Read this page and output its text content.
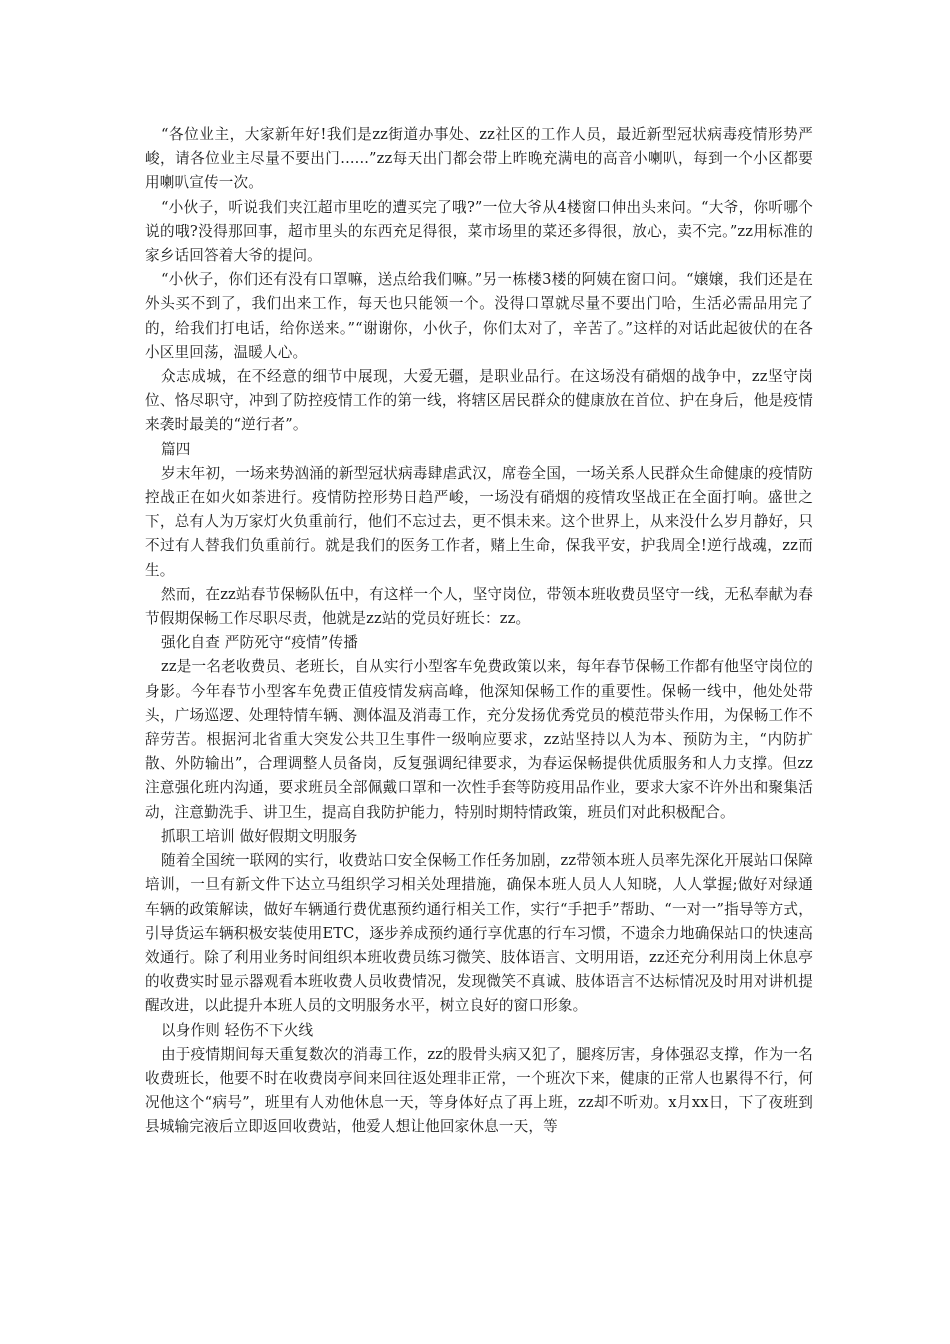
“各位业主，大家新年好!我们是zz街道办事处、zz社区的工作人员，最近新型冠状病毒疫情形势严峻，请各位业主尽量不要出门......”zz每天出门都会带上昨晚充满电的高音小喇叭，每到一个小区都要用喇叭宣传一次。

“小伙子，听说我们夹江超市里吃的遭买完了哦?”一位大爷从4楼窗口伸出头来问。“大爷，你听哪个说的哦?没得那回事，超市里头的东西充足得很，菜市场里的菜还多得很，放心，卖不完。”zz用标准的家乡话回答着大爷的提问。

“小伙子，你们还有没有口罩嘛，送点给我们嘛。”另一栋楼3楼的阿姨在窗口问。“嬢嬢，我们还是在外头买不到了，我们出来工作，每天也只能领一个。没得口罩就尽量不要出门哈，生活必需品用完了的，给我们打电话，给你送来。”“谢谢你，小伙子，你们太对了，辛苦了。”这样的对话此起彼伏的在各小区里回荡，温暖人心。

众志成城，在不经意的细节中展现，大爱无疆，是职业品行。在这场没有硝烟的战争中，zz坚守岗位、恪尽职守，冲到了防控疫情工作的第一线，将辖区居民群众的健康放在首位、护在身后，他是疫情来袭时最美的“逆行者”。

篇四

岁末年初，一场来势汹涌的新型冠状病毒肆虐武汉，席卷全国，一场关系人民群众生命健康的疫情防控战正在如火如荼进行。疫情防控形势日趋严峻，一场没有硝烟的疫情攻坚战正在全面打响。盛世之下，总有人为万家灯火负重前行，他们不忘过去，更不惧未来。这个世界上，从来没什么岁月静好，只不过有人替我们负重前行。就是我们的医务工作者，赌上生命，保我平安，护我周全!逆行战魂，zz而生。

然而，在zz站春节保畅队伍中，有这样一个人，坚守岗位，带领本班收费员坚守一线，无私奉献为春节假期保畅工作尽职尽责，他就是zz站的党员好班长：zz。

强化自查 严防死守“疫情”传播

zz是一名老收费员、老班长，自从实行小型客车免费政策以来，每年春节保畅工作都有他坚守岗位的身影。今年春节小型客车免费正值疫情发病高峰，他深知保畅工作的重要性。保畅一线中，他处处带头，广场巡逻、处理特情车辆、测体温及消毒工作，充分发扬优秀党员的模范带头作用，为保畅工作不辞劳苦。根据河北省重大突发公共卫生事件一级响应要求，zz站坚持以人为本、预防为主，“内防扩散、外防输出”，合理调整人员备岗，反复强调纪律要求，为春运保畅提供优质服务和人力支撑。但zz注意强化班内沟通，要求班员全部佩戴口罩和一次性手套等防疫用品作业，要求大家不许外出和聚集活动，注意勤洗手、讲卫生，提高自我防护能力，特别时期特情政策，班员们对此积极配合。

抓职工培训 做好假期文明服务

随着全国统一联网的实行，收费站口安全保畅工作任务加剧，zz带领本班人员率先深化开展站口保障培训，一旦有新文件下达立马组织学习相关处理措施，确保本班人员人人知晓，人人掌握;做好对绿通车辆的政策解读，做好车辆通行费优惠预约通行相关工作，实行“手把手”帮助、“一对一”指导等方式，引导货运车辆积极安装使用ETC，逐步养成预约通行享优惠的行车习惯，不遗余力地确保站口的快速高效通行。除了利用业务时间组织本班收费员练习微笑、肢体语言、文明用语，zz还充分利用岗上休息亭的收费实时显示器观看本班收费人员收费情况，发现微笑不真诚、肢体语言不达标情况及时用对讲机提醒改进，以此提升本班人员的文明服务水平，树立良好的窗口形象。

以身作则 轻伤不下火线

由于疫情期间每天重复数次的消毒工作，zz的股骨头病又犯了，腿疼厉害，身体强忍支撑，作为一名收费班长，他要不时在收费岗亭间来回往返处理非正常，一个班次下来，健康的正常人也累得不行，何况他这个“病号”，班里有人劝他休息一天，等身体好点了再上班，zz却不听劝。x月xx日，下了夜班到县城输完液后立即返回收费站，他爱人想让他回家休息一天，等
